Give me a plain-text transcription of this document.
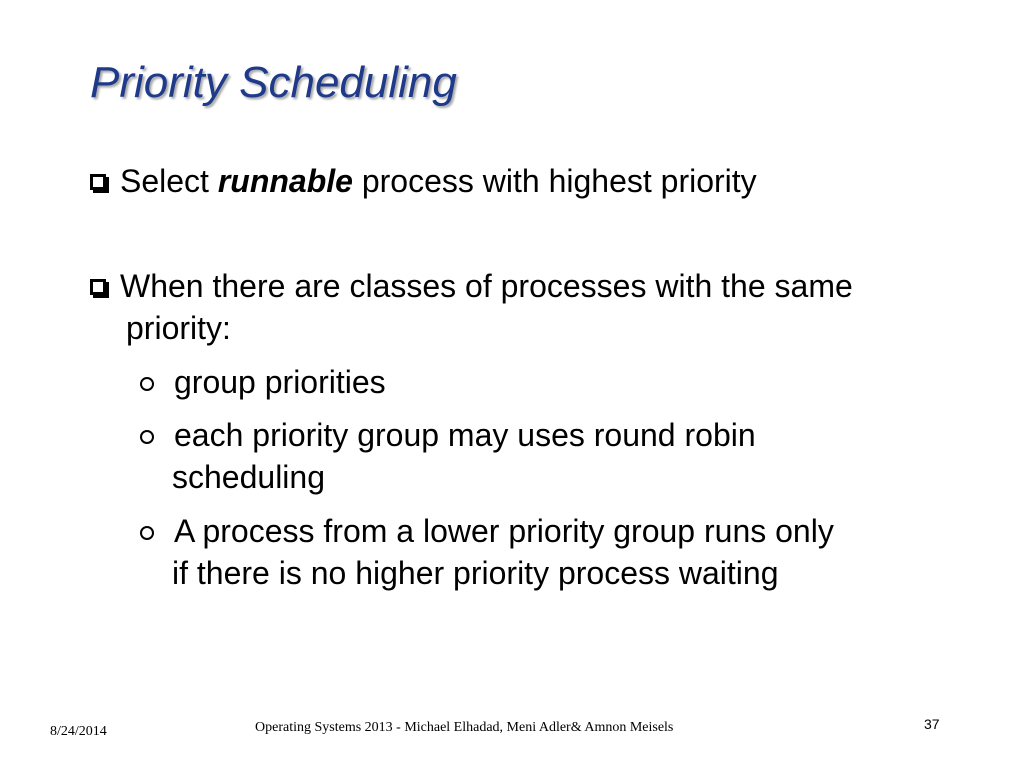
Priority Scheduling
Select runnable process with highest priority
When there are classes of processes with the same
priority:
group priorities
each priority group may uses round robin
scheduling
A process from a lower priority group runs only
if there is no higher priority process waiting
8/24/2014	Operating Systems 2013 - Michael Elhadad, Meni Adler& Amnon Meisels	37
